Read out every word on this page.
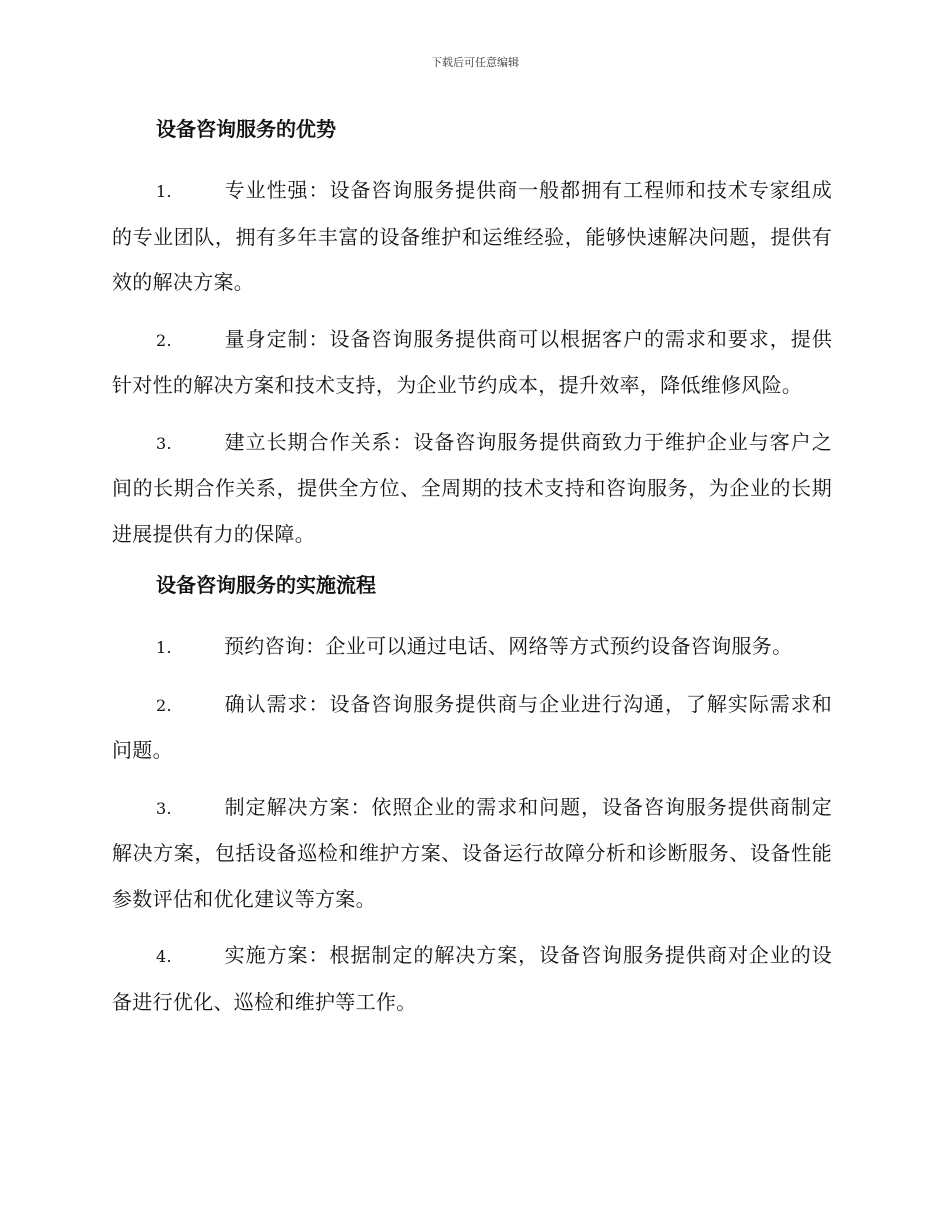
下载后可任意编辑
设备咨询服务的优势

1.	专业性强：设备咨询服务提供商一般都拥有工程师和技术专家组成的专业团队，拥有多年丰富的设备维护和运维经验，能够快速解决问题，提供有效的解决方案。

2.	量身定制：设备咨询服务提供商可以根据客户的需求和要求，提供针对性的解决方案和技术支持，为企业节约成本，提升效率，降低维修风险。

3.	建立长期合作关系：设备咨询服务提供商致力于维护企业与客户之间的长期合作关系，提供全方位、全周期的技术支持和咨询服务，为企业的长期进展提供有力的保障。

设备咨询服务的实施流程

1.	预约咨询：企业可以通过电话、网络等方式预约设备咨询服务。

2.	确认需求：设备咨询服务提供商与企业进行沟通，了解实际需求和问题。

3.	制定解决方案：依照企业的需求和问题，设备咨询服务提供商制定解决方案，包括设备巡检和维护方案、设备运行故障分析和诊断服务、设备性能参数评估和优化建议等方案。

4.	实施方案：根据制定的解决方案，设备咨询服务提供商对企业的设备进行优化、巡检和维护等工作。
